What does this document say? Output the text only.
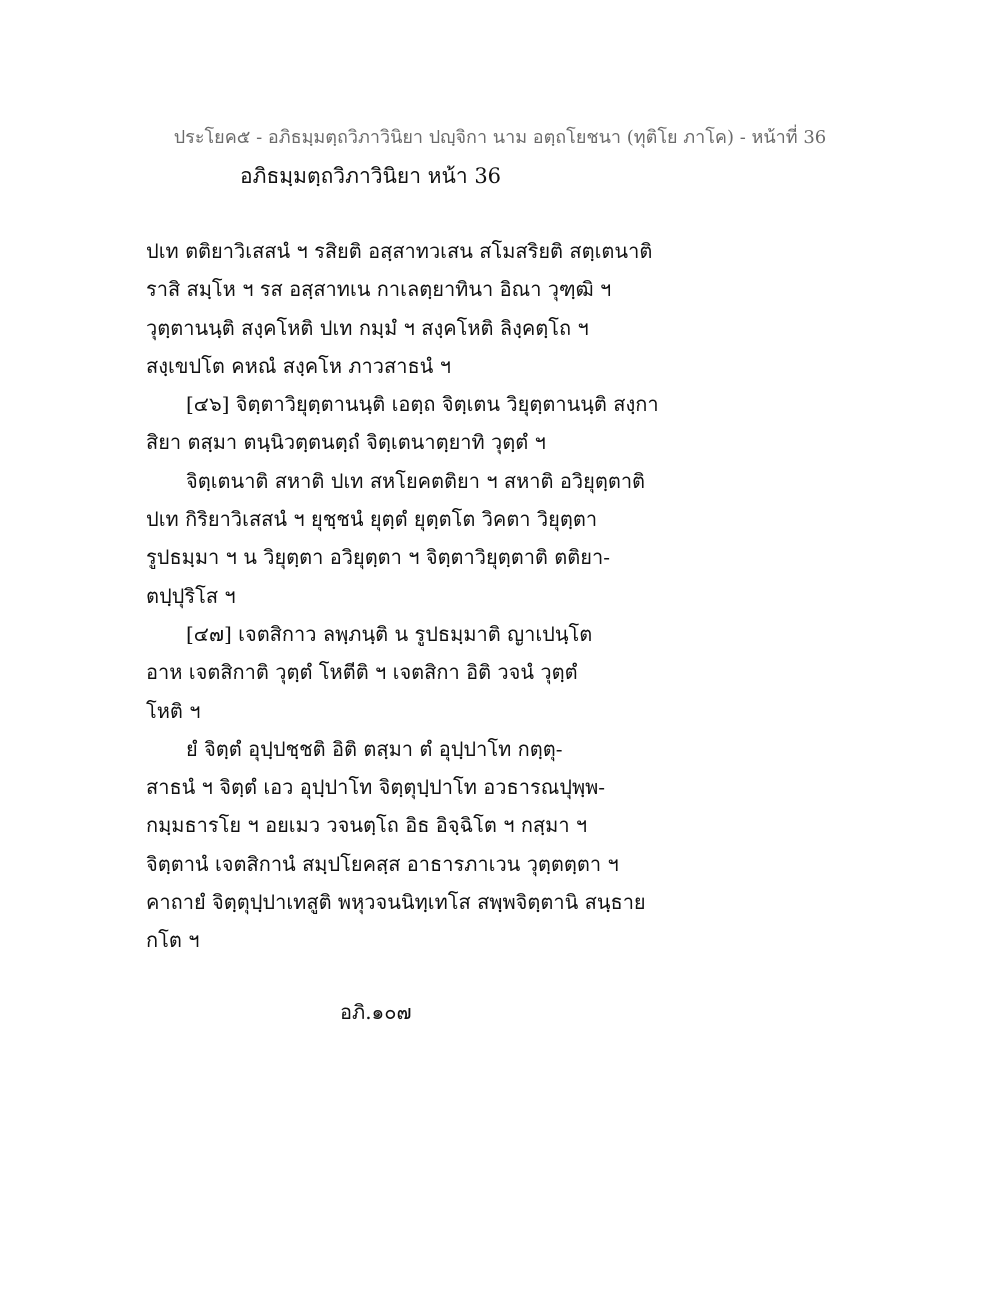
ประโยค๕ - อภิธมฺมตฺถวิภาวินิยา ปญฺจิกา นาม อตฺถโยชนา (ทุติโย ภาโค) - หน้าที่ 36
อภิธมฺมตฺถวิภาวินิยา หน้า 36
ปเท ตติยาวิเสสนํ ฯ รสิยติ อสฺสาทวเสน สโมสริยติ สตฺเตนาติ
ราสิ สมฺโห ฯ รส อสฺสาทเน กาเลตฺยาทินา อิณา วุฑฺฒิ ฯ
วุตฺตานนฺติ สงฺคโหติ ปเท กมฺมํ ฯ สงฺคโหติ ลิงฺคตฺโถ ฯ
สงฺเขปโต คหณํ สงฺคโห ภาวสาธนํ ฯ
[๔๖] จิตฺตาวิยุตฺตานนฺติ เอตฺถ จิตฺเตน วิยุตฺตานนฺติ สงฺกา
สิยา ตสฺมา ตนฺนิวตฺตนตฺถํ จิตฺเตนาตฺยาทิ วุตฺตํ ฯ
จิตฺเตนาติ สหาติ ปเท สหโยคตติยา ฯ สหาติ อวิยุตฺตาติ
ปเท กิริยาวิเสสนํ ฯ ยุชฺชนํ ยุตฺตํ ยุตฺตโต วิคตา วิยุตฺตา
รูปธมฺมา ฯ น วิยุตฺตา อวิยุตฺตา ฯ จิตฺตาวิยุตฺตาติ ตติยา-
ตปฺปุริโส ฯ
[๔๗] เจตสิกาว ลพฺภนฺติ น รูปธมฺมาติ ญาเปนฺโต
อาห เจตสิกาติ วุตฺตํ โหตีติ ฯ เจตสิกา อิติ วจนํ วุตฺตํ
โหติ ฯ
ยํ จิตฺตํ อุปฺปชฺชติ อิติ ตสฺมา ตํ อุปฺปาโท กตฺตุ-
สาธนํ ฯ จิตฺตํ เอว อุปฺปาโท จิตฺตุปฺปาโท อวธารณปุพฺพ-
กมฺมธารโย ฯ อยเมว วจนตฺโถ อิธ อิจฺฉิโต ฯ กสฺมา ฯ
จิตฺตานํ เจตสิกานํ สมฺปโยคสฺส อาธารภาเวน วุตฺตตฺตา ฯ
คาถายํ จิตฺตุปฺปาเทสูติ พหุวจนนิทฺเทโส สพฺพจิตฺตานิ สนฺธาย
กโต ฯ
อภิ.๑๐๗
